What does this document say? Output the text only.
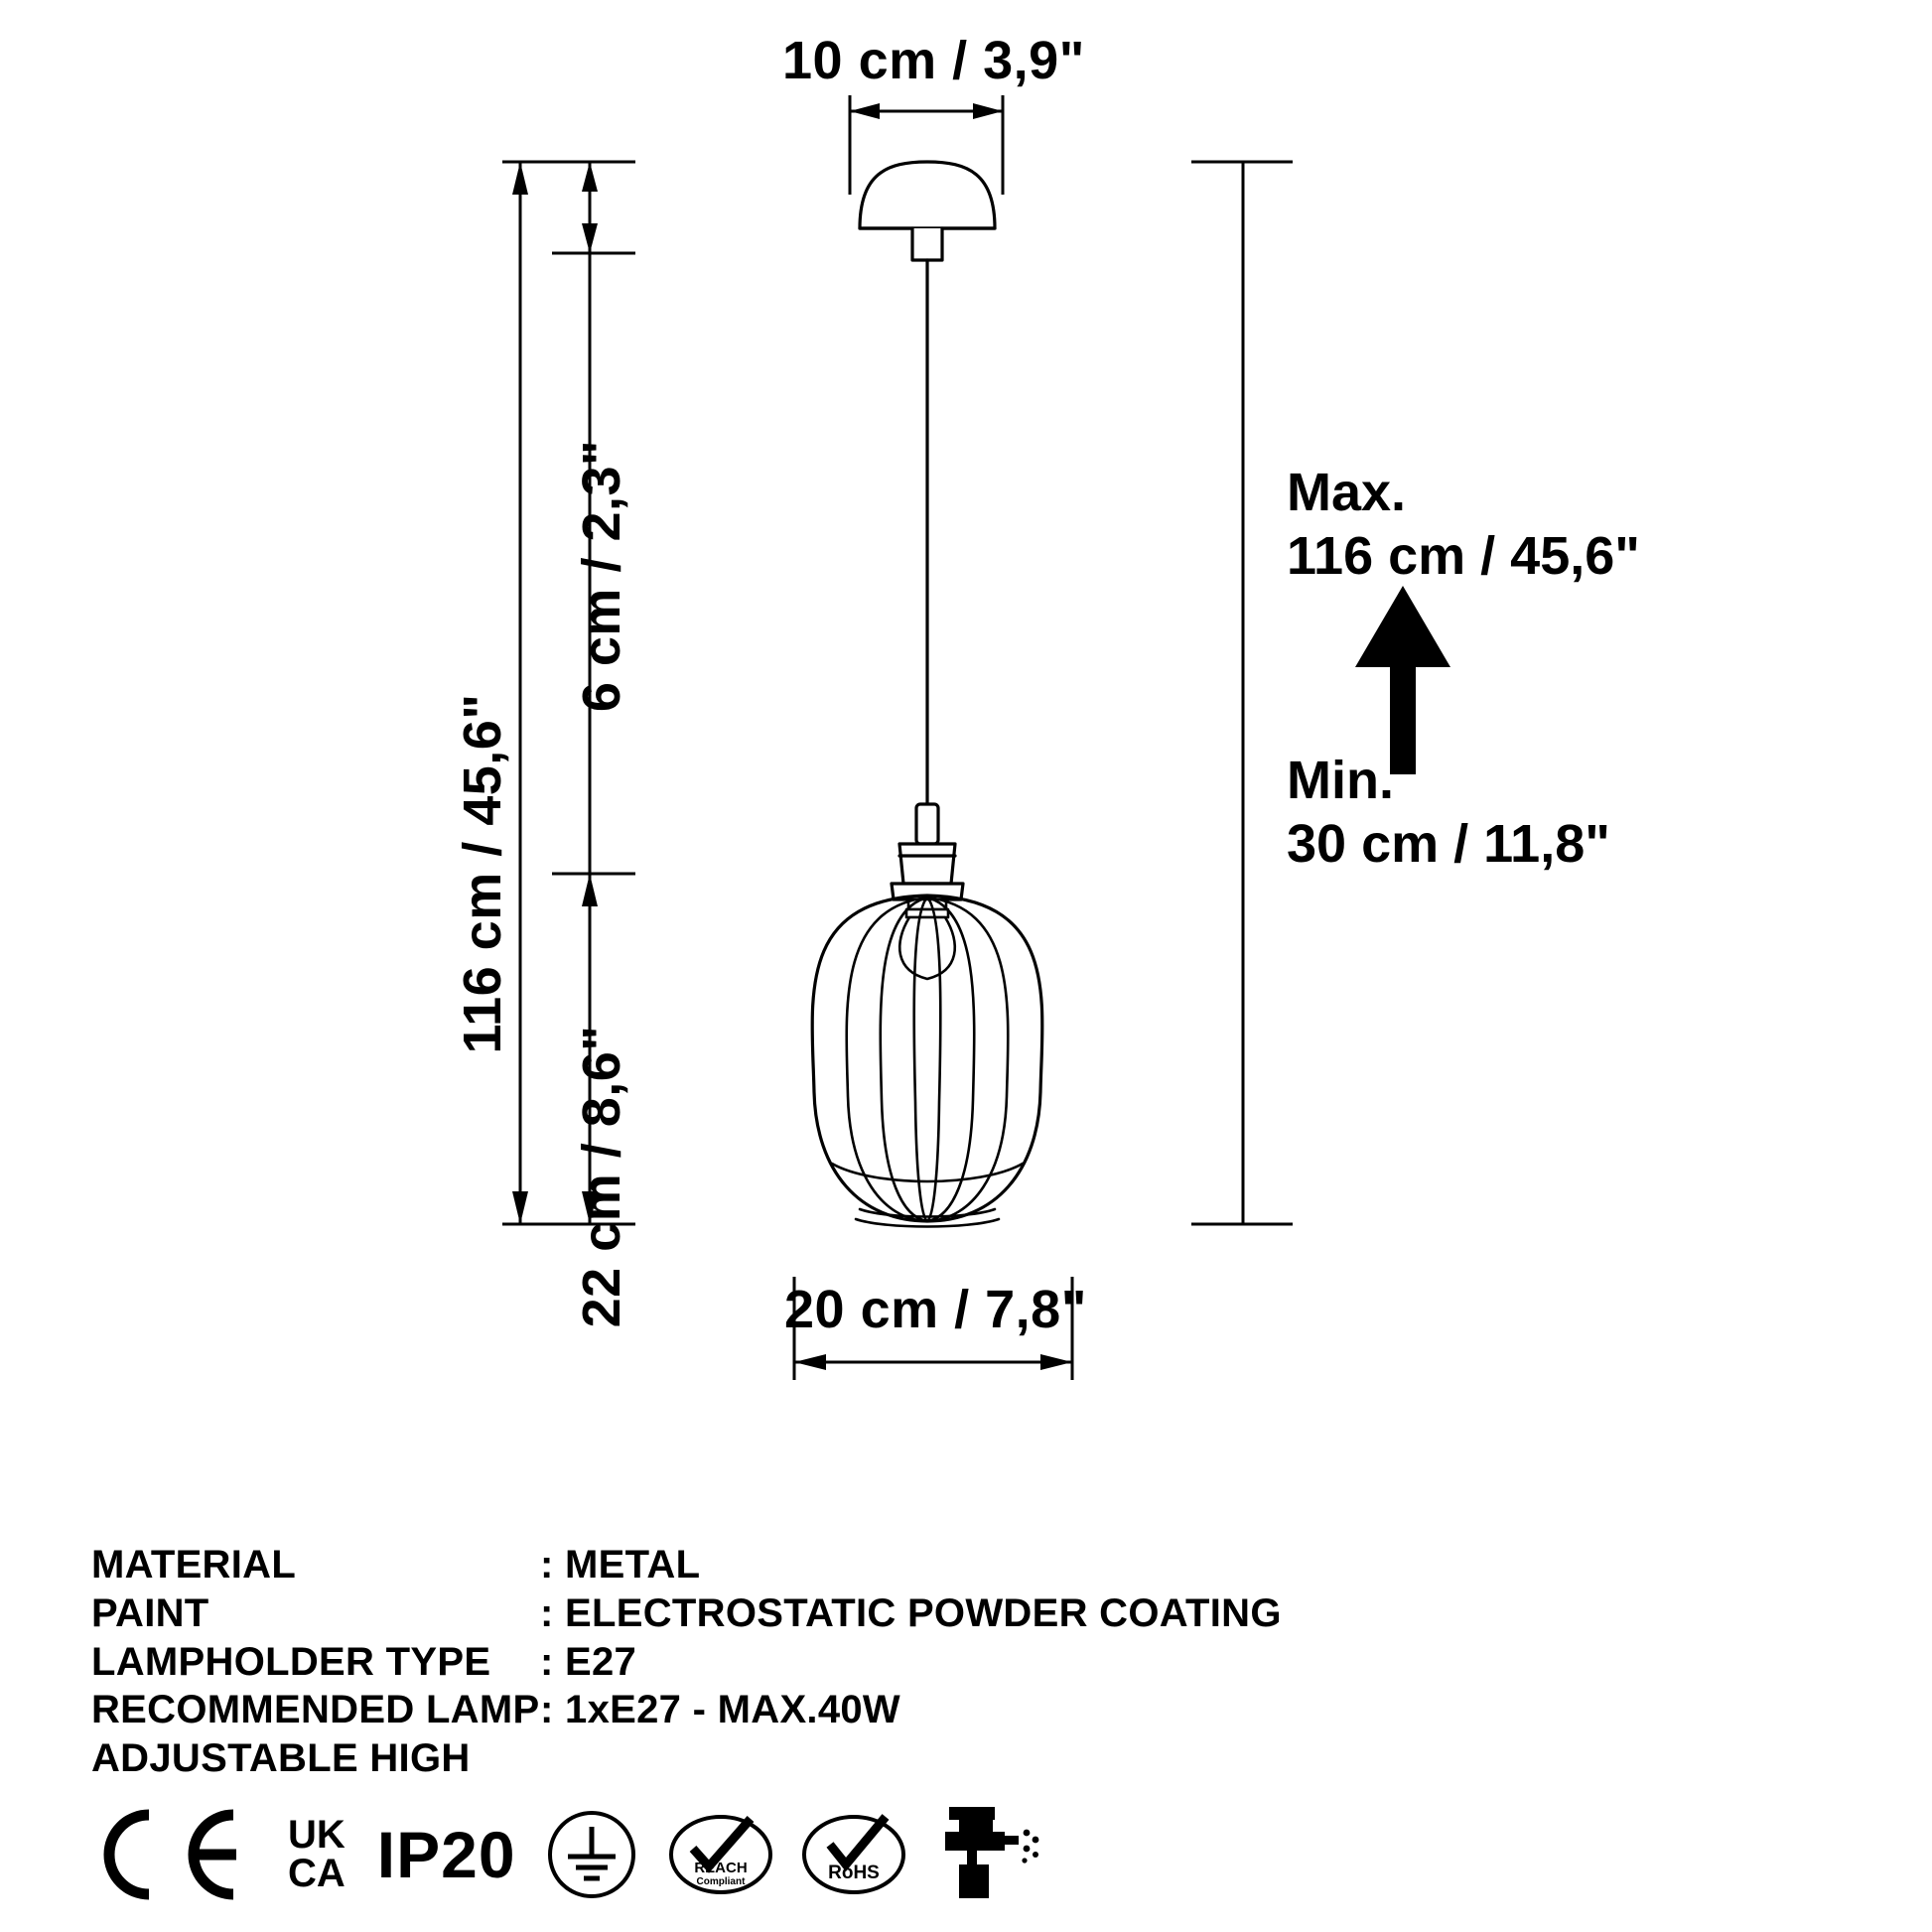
10 cm / 3,9"
20 cm / 7,8"
116 cm / 45,6"
6 cm / 2,3"
22 cm / 8,6"
Max.
116 cm / 45,6"
Min.
30 cm / 11,8"
MATERIAL	: METAL
PAINT	: ELECTROSTATIC POWDER COATING
LAMPHOLDER TYPE	: E27
RECOMMENDED LAMP : 1xE27 - MAX.40W
ADJUSTABLE HIGH
UK
CA IP20	REACH
Compliant	RoHS
